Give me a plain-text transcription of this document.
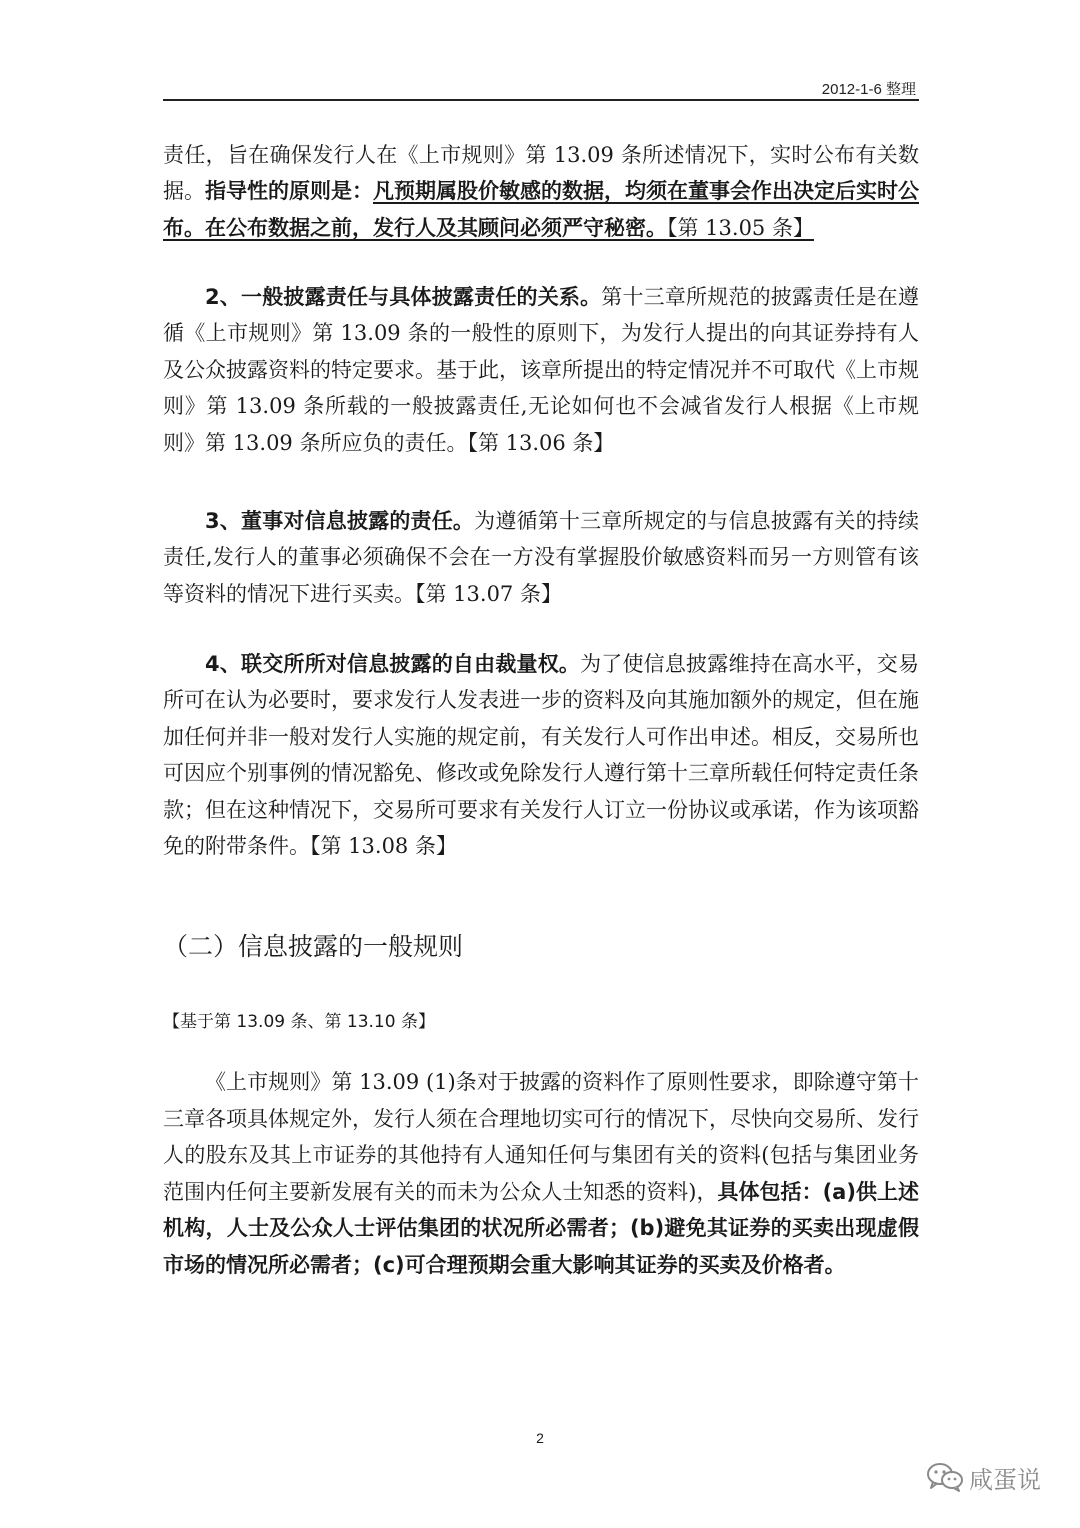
2012-1-6 整理

责任，旨在确保发行人在《上市规则》第 13.09 条所述情况下，实时公布有关数据。指导性的原则是：凡预期属股价敏感的数据，均须在董事会作出决定后实时公布。在公布数据之前，发行人及其顾问必须严守秘密。【第 13.05 条】

2、一般披露责任与具体披露责任的关系。第十三章所规范的披露责任是在遵循《上市规则》第 13.09 条的一般性的原则下，为发行人提出的向其证券持有人及公众披露资料的特定要求。基于此，该章所提出的特定情况并不可取代《上市规则》第 13.09 条所载的一般披露责任,无论如何也不会减省发行人根据《上市规则》第 13.09 条所应负的责任。【第 13.06 条】

3、董事对信息披露的责任。为遵循第十三章所规定的与信息披露有关的持续责任,发行人的董事必须确保不会在一方没有掌握股价敏感资料而另一方则管有该等资料的情况下进行买卖。【第 13.07 条】

4、联交所所对信息披露的自由裁量权。为了使信息披露维持在高水平，交易所可在认为必要时，要求发行人发表进一步的资料及向其施加额外的规定，但在施加任何并非一般对发行人实施的规定前，有关发行人可作出申述。相反，交易所也可因应个别事例的情况豁免、修改或免除发行人遵行第十三章所载任何特定责任条款；但在这种情况下，交易所可要求有关发行人订立一份协议或承诺，作为该项豁免的附带条件。【第 13.08 条】

（二）信息披露的一般规则
【基于第 13.09 条、第 13.10 条】

《上市规则》第 13.09 (1)条对于披露的资料作了原则性要求，即除遵守第十三章各项具体规定外，发行人须在合理地切实可行的情况下，尽快向交易所、发行人的股东及其上市证券的其他持有人通知任何与集团有关的资料(包括与集团业务范围内任何主要新发展有关的而未为公众人士知悉的资料)，具体包括：(a)供上述机构，人士及公众人士评估集团的状况所必需者；(b)避免其证券的买卖出现虚假市场的情况所必需者；(c)可合理预期会重大影响其证券的买卖及价格者。

2
咸蛋说
